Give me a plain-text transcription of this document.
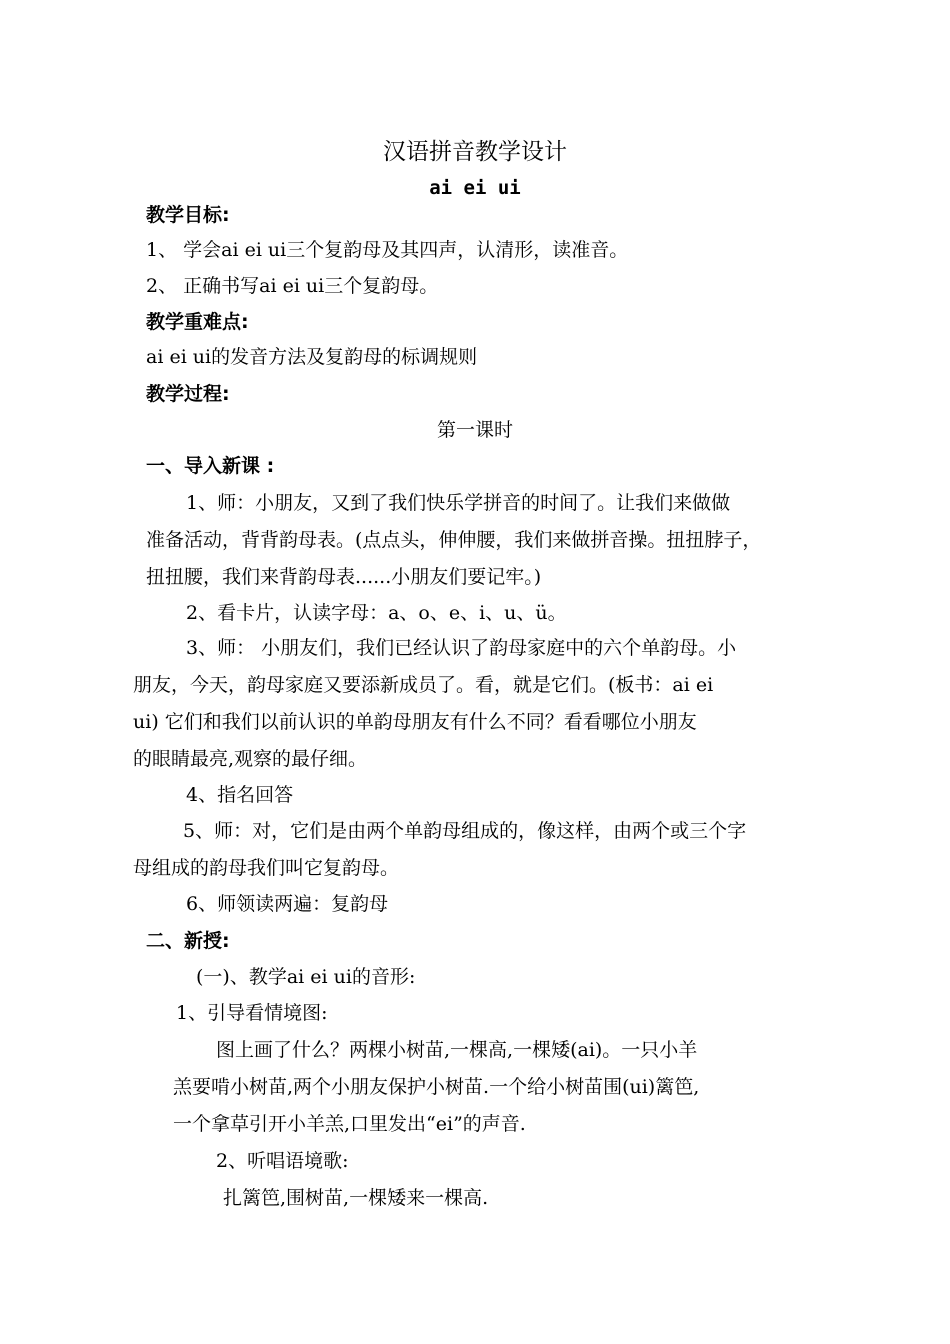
汉语拼音教学设计
ai ei ui
教学目标:
1、 学会ai ei ui三个复韵母及其四声，认清形，读准音。
2、 正确书写ai ei ui三个复韵母。
教学重难点:
ai ei ui的发音方法及复韵母的标调规则
教学过程:
第一课时
一、导入新课 :
1、师：小朋友，又到了我们快乐学拼音的时间了。让我们来做做
准备活动，背背韵母表。(点点头，伸伸腰，我们来做拼音操。扭扭脖子，
扭扭腰，我们来背韵母表......小朋友们要记牢。)
2、看卡片，认读字母：a、o、e、i、u、ü。
3、师： 小朋友们，我们已经认识了韵母家庭中的六个单韵母。小
朋友，今天，韵母家庭又要添新成员了。看，就是它们。(板书：ai ei
ui) 它们和我们以前认识的单韵母朋友有什么不同？看看哪位小朋友
的眼睛最亮,观察的最仔细。
4、指名回答
5、师：对，它们是由两个单韵母组成的，像这样，由两个或三个字
母组成的韵母我们叫它复韵母。
6、师领读两遍：复韵母
二、新授:
(一)、教学ai ei ui的音形:
1、引导看情境图:
图上画了什么？两棵小树苗,一棵高,一棵矮(ai)。一只小羊
羔要啃小树苗,两个小朋友保护小树苗.一个给小树苗围(ui)篱笆,
一个拿草引开小羊羔,口里发出“ei”的声音.
2、听唱语境歌:
扎篱笆,围树苗,一棵矮来一棵高.
